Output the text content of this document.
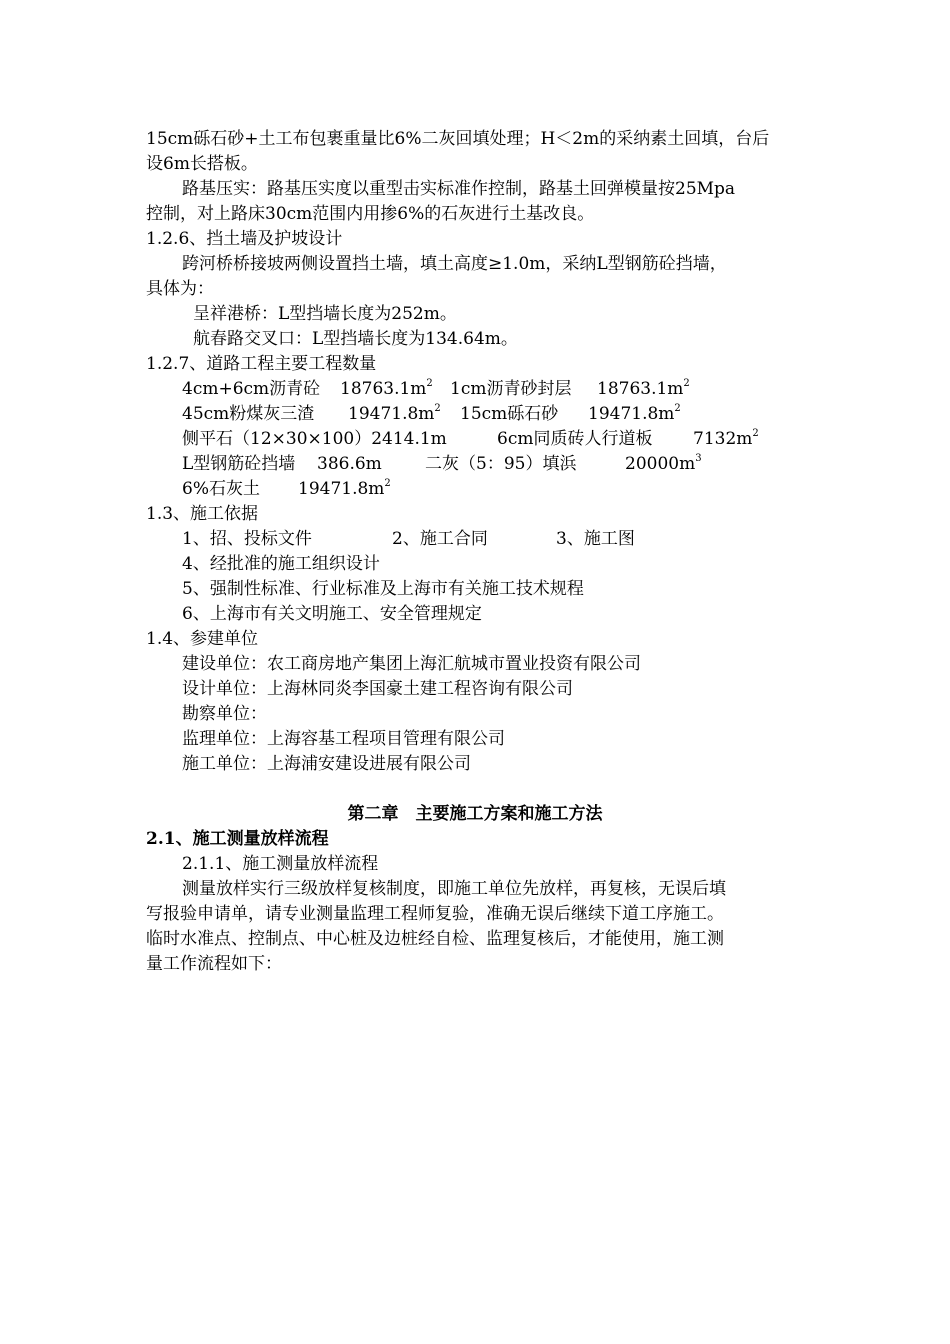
15cm砾石砂+土工布包裹重量比6%二灰回填处理；H＜2m的采纳素土回填，台后
设6m长搭板。
路基压实：路基压实度以重型击实标准作控制，路基土回弹模量按25Mpa
控制，对上路床30cm范围内用掺6%的石灰进行土基改良。
1.2.6、挡土墙及护坡设计
跨河桥桥接坡两侧设置挡土墙，填土高度≥1.0m，采纳L型钢筋砼挡墙，
具体为：
呈祥港桥：L型挡墙长度为252m。
航春路交叉口：L型挡墙长度为134.64m。
1.2.7、道路工程主要工程数量
4cm+6cm沥青砼 $18763.1m^2$ 1cm沥青砂封层 $18763.1m^2$
45cm粉煤灰三渣 $19471.8m^2$ 15cm砾石砂 $19471.8m^2$
侧平石（12×30×100）2414.1m	6cm同质砖人行道板 $7132m^2$
L型钢筋砼挡墙 386.6m	二灰（5：95）填浜	$20000m^3$
6%石灰土 $19471.8m^2$
1.3、施工依据
1、招、投标文件	2、施工合同	3、施工图
4、经批准的施工组织设计
5、强制性标准、行业标准及上海市有关施工技术规程
6、上海市有关文明施工、安全管理规定
1.4、参建单位
建设单位：农工商房地产集团上海汇航城市置业投资有限公司
设计单位：上海林同炎李国豪土建工程咨询有限公司
勘察单位：
监理单位：上海容基工程项目管理有限公司
施工单位：上海浦安建设进展有限公司
第二章　主要施工方案和施工方法
2.1、施工测量放样流程
2.1.1、施工测量放样流程
测量放样实行三级放样复核制度，即施工单位先放样，再复核，无误后填
写报验申请单，请专业测量监理工程师复验，准确无误后继续下道工序施工。
临时水准点、控制点、中心桩及边桩经自检、监理复核后，才能使用，施工测
量工作流程如下：
